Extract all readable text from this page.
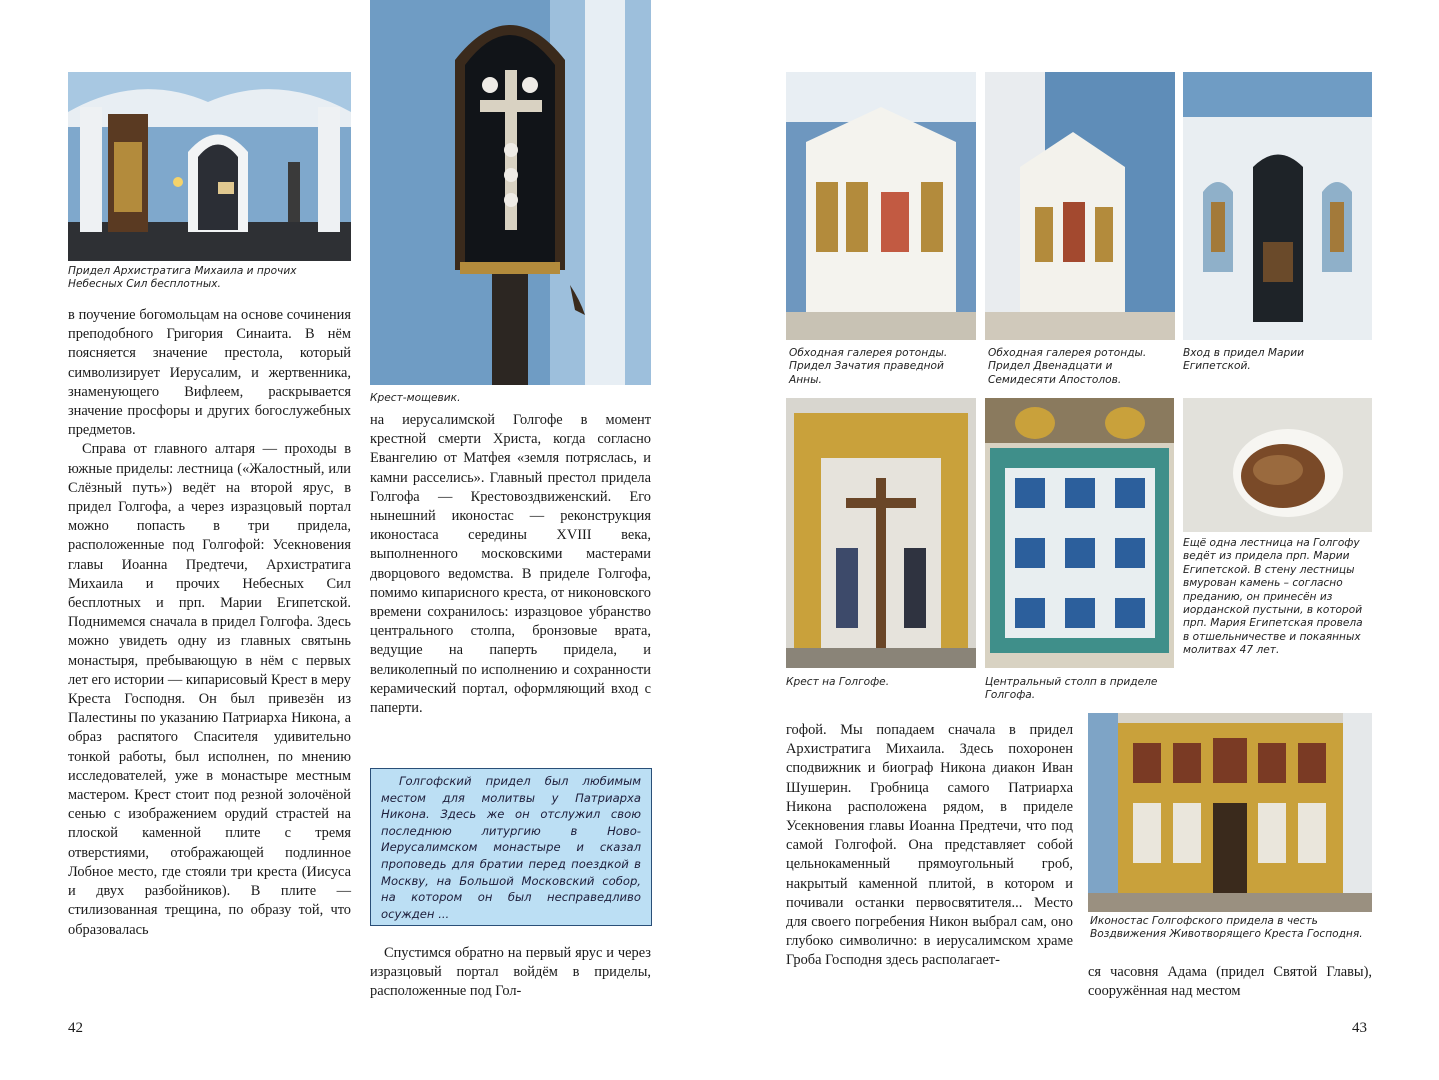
Придел Архистратига Михаила и прочих Небесных Сил бесплотных.

в поучение богомольцам на основе сочинения преподобного Григория Синаита. В нём поясняется значение престола, который символизирует Иерусалим, и жертвенника, знаменующего Вифлеем, раскрывается значение просфоры и других богослужебных предметов.

Справа от главного алтаря — проходы в южные приделы: лестница («Жалостный, или Слёзный путь») ведёт на второй ярус, в придел Голгофа, а через изразцовый портал можно попасть в три придела, расположенные под Голгофой: Усекновения главы Иоанна Предтечи, Архистратига Михаила и прочих Небесных Сил бесплотных и прп. Марии Египетской. Поднимемся сначала в придел Голгофа. Здесь можно увидеть одну из главных святынь монастыря, пребывающую в нём с первых лет его истории — кипарисовый Крест в меру Креста Господня. Он был привезён из Палестины по указанию Патриарха Никона, а образ распятого Спасителя удивительно тонкой работы, был исполнен, по мнению исследователей, уже в монастыре местным мастером. Крест стоит под резной золочёной сенью с изображением орудий страстей на плоской каменной плите с тремя отверстиями, отображающей подлинное Лобное место, где стояли три креста (Иисуса и двух разбойников). В плите — стилизованная трещина, по образу той, что образовалась

42
Крест-мощевик.

на иерусалимской Голгофе в момент крестной смерти Христа, когда согласно Евангелию от Матфея «земля потряслась, и камни расселись». Главный престол придела Голгофа — Крестовоздвиженский. Его нынешний иконостас — реконструкция иконостаса середины XVIII века, выполненного московскими мастерами дворцового ведомства. В приделе Голгофа, помимо кипарисного креста, от никоновского времени сохранилось: изразцовое убранство центрального столпа, бронзовые врата, ведущие на паперть придела, и великолепный по исполнению и сохранности керамический портал, оформляющий вход с паперти.

Голгофский придел был любимым местом для молитвы у Патриарха Никона. Здесь же он отслужил свою последнюю литургию в Ново-Иерусалимском монастыре и сказал проповедь для братии перед поездкой в Москву, на Большой Московский собор, на котором он был несправедливо осужден ...

Спустимся обратно на первый ярус и через изразцовый портал войдём в приделы, расположенные под Гол-

Обходная галерея ротонды. Придел Зачатия праведной Анны.
Обходная галерея ротонды. Придел Двенадцати и Семидесяти Апостолов.
Вход в придел Марии Египетской.
Крест на Голгофе.	Центральный столп в приделе Голгофа.
Ещё одна лестница на Голгофу ведёт из придела прп. Марии Египетской. В стену лестницы вмурован камень – согласно преданию, он принесён из иорданской пустыни, в которой прп. Мария Египетская провела в отшельничестве и покаянных молитвах 47 лет.

гофой. Мы попадаем сначала в придел Архистратига Михаила. Здесь похоронен сподвижник и биограф Никона диакон Иван Шушерин. Гробница самого Патриарха Никона расположена рядом, в приделе Усекновения главы Иоанна Предтечи, что под самой Голгофой. Она представляет собой цельнокаменный прямоугольный гроб, накрытый каменной плитой, в котором и почивали останки первосвятителя... Место для своего погребения Никон выбрал сам, оно глубоко символично: в иерусалимском храме Гроба Господня здесь располагает-

Иконостас Голгофского придела в честь Воздвижения Животворящего Креста Господня.

ся часовня Адама (придел Святой Главы), сооружённая над местом

43
